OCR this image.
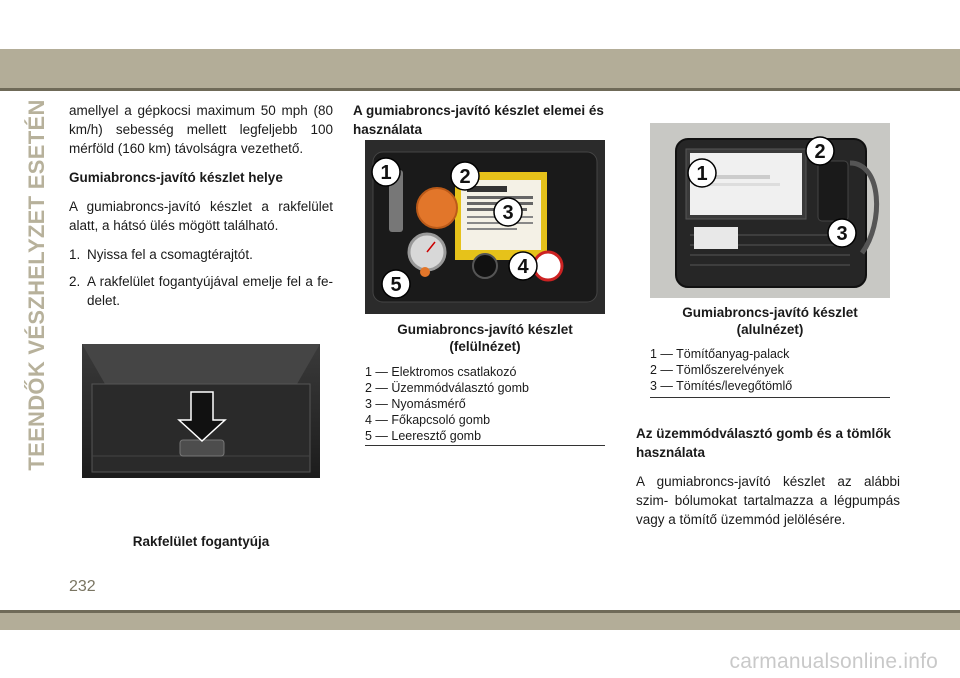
TEENDŐK VÉSZHELYZET ESETÉN amellyel a gépkocsi maximum 50 mph (80 km/h) sebesség mellett legfeljebb 100 mérföld (160 km) távolságra vezethető.

Gumiabroncs-javító készlet helye

A gumiabroncs-javító készlet a rakfelület alatt, a hátsó ülés mögött található.

1. Nyissa fel a csomagtérajtót.
2. A rakfelület fogantyújával emelje fel a fe- delet.
Rakfelület fogantyúja
A gumiabroncs-javító készlet elemei és használata
1	2
3
4
5
Gumiabroncs-javító készlet
(felülnézet)
1 — Elektromos csatlakozó
2 — Üzemmódválasztó gomb
3 — Nyomásmérő
4 — Főkapcsoló gomb
5 — Leeresztő gomb
1
2
3
Gumiabroncs-javító készlet
(alulnézet)
1 — Tömítőanyag-palack
2 — Tömlőszerelvények
3 — Tömítés/levegőtömlő
Az üzemmódválasztó gomb és a tömlők használata

A gumiabroncs-javító készlet az alábbi szim- bólumokat tartalmazza a légpumpás vagy a tömítő üzemmód jelölésére.

232
carmanualsonline.info
